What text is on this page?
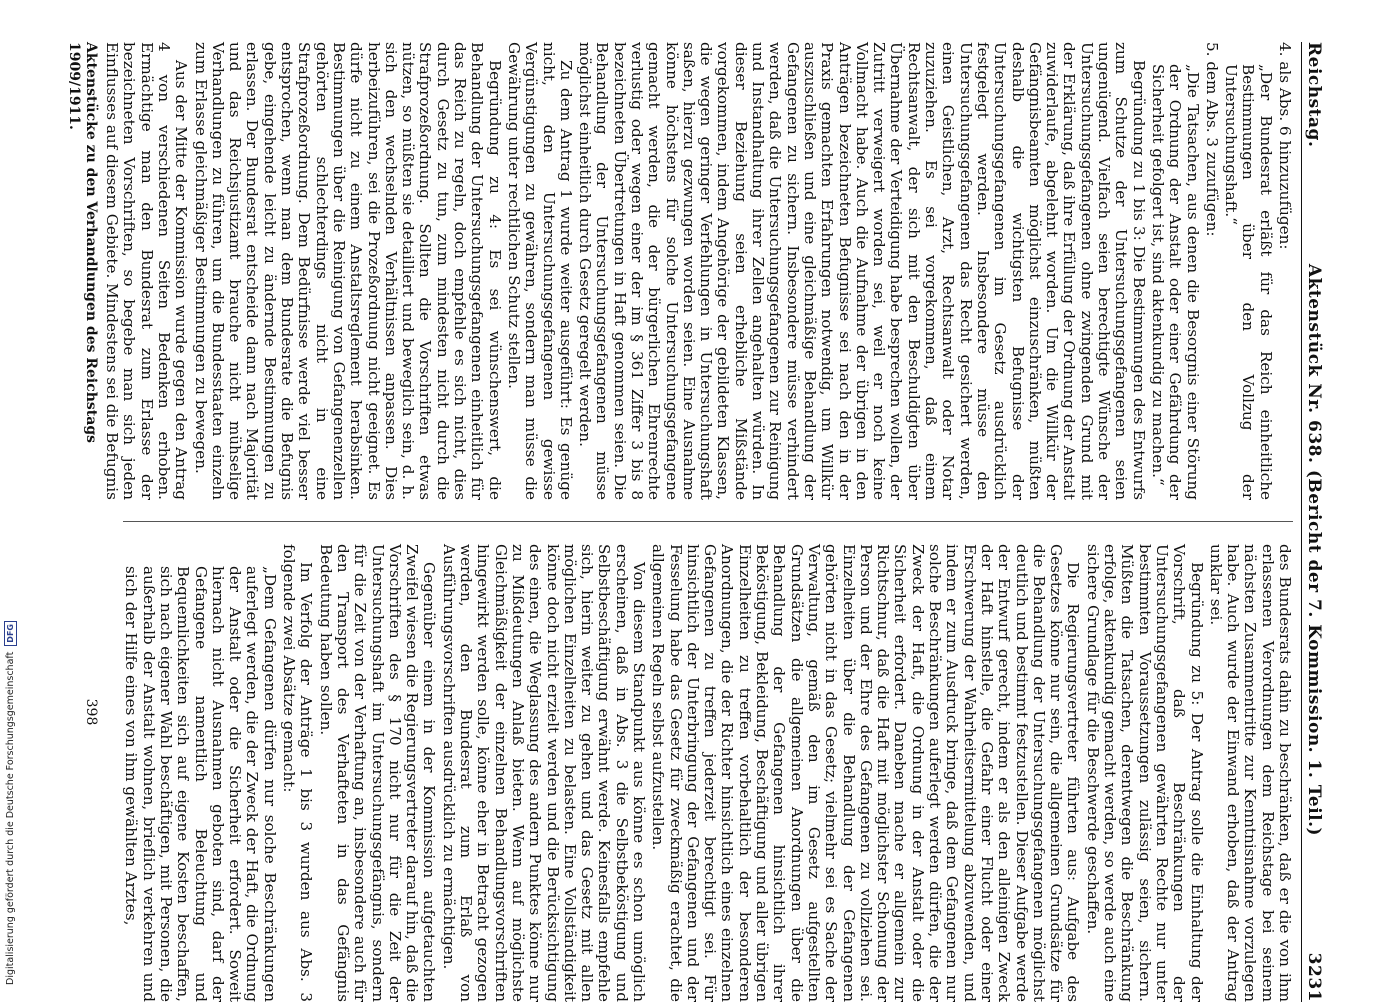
Digitalisierung gefördert durch die Deutsche Forschungsgemeinschaft
DFG
Reichstag.
Aktenstück Nr. 638. (Bericht der 7. Kommission. 1. Teil.)
3231

4. als Abs. 6 hinzuzufügen:

„Der Bundesrat erläßt für das Reich einheitliche Bestimmungen über den Vollzug der Untersuchungshaft.“

5. dem Abs. 3 zuzufügen:

„Die Tatsachen, aus denen die Besorgnis einer Störung der Ordnung der Anstalt oder einer Gefährdung der Sicherheit gefolgert ist, sind aktenkundig zu machen.“

Begründung zu 1 bis 3: Die Bestimmungen des Entwurfs zum Schutze der Untersuchungsgefangenen seien ungenügend. Vielfach seien berechtigte Wünsche der Untersuchungsgefangenen ohne zwingenden Grund mit der Erklärung, daß ihre Erfüllung der Ordnung der Anstalt zuwiderlaufe, abgelehnt worden. Um die Willkür der Gefängnisbeamten möglichst einzuschränken, müßten deshalb die wichtigsten Befugnisse der Untersuchungsgefangenen im Gesetz ausdrücklich festgelegt werden. Insbesondere müsse den Untersuchungsgefangenen das Recht gesichert werden, einen Geistlichen, Arzt, Rechtsanwalt oder Notar zuzuziehen. Es sei vorgekommen, daß einem Rechtsanwalt, der sich mit den Beschuldigten über Übernahme der Verteidigung habe besprechen wollen, der Zutritt verweigert worden sei, weil er noch keine Vollmacht habe. Auch die Aufnahme der übrigen in den Anträgen bezeichneten Befugnisse sei nach den in der Praxis gemachten Erfahrungen notwendig, um Willkür auszuschließen und eine gleichmäßige Behandlung der Gefangenen zu sichern. Insbesondere müsse verhindert werden, daß die Untersuchungsgefangenen zur Reinigung und Instandhaltung ihrer Zellen angehalten würden. In dieser Beziehung seien erhebliche Mißstände vorgekommen, indem Angehörige der gebildeten Klassen, die wegen geringer Verfehlungen in Untersuchungshaft saßen, hierzu gezwungen worden seien. Eine Ausnahme könne höchstens für solche Untersuchungsgefangene gemacht werden, die der bürgerlichen Ehrenrechte verlustig oder wegen einer der im § 361 Ziffer 3 bis 8 bezeichneten Übertretungen in Haft genommen seien. Die Behandlung der Untersuchungsgefangenen müsse möglichst einheitlich durch Gesetz geregelt werden.

Zu dem Antrag 1 wurde weiter ausgeführt: Es genüge nicht, den Untersuchungsgefangenen gewisse Vergünstigungen zu gewähren, sondern man müsse die Gewährung unter rechtlichen Schutz stellen.

Begründung zu 4: Es sei wünschenswert, die Behandlung der Untersuchungsgefangenen einheitlich für das Reich zu regeln, doch empfehle es sich nicht, dies durch Gesetz zu tun, zum mindesten nicht durch die Strafprozeßordnung. Sollten die Vorschriften etwas nützen, so müßten sie detailliert und beweglich sein, d. h. sich den wechselnden Verhältnissen anpassen. Dies herbeizuführen, sei die Prozeßordnung nicht geeignet. Es dürfe nicht zu einem Anstaltsreglement herabsinken. Bestimmungen über die Reinigung von Gefangenenzellen gehörten schlechterdings nicht in eine Strafprozeßordnung. Dem Bedürfnisse werde viel besser entsprochen, wenn man dem Bundesrate die Befugnis gebe, eingehende leicht zu ändernde Bestimmungen zu erlassen. Der Bundesrat entscheide dann nach Majorität und das Reichsjustizamt brauche nicht mühselige Verhandlungen zu führen, um die Bundesstaaten einzeln zum Erlasse gleichmäßiger Bestimmungen zu bewegen.

Aus der Mitte der Kommission wurde gegen den Antrag 4 von verschiedenen Seiten Bedenken erhoben. Ermächtige man den Bundesrat zum Erlasse der bezeichneten Vorschriften, so begebe man sich jeden Einflusses auf diesem Gebiete. Mindestens sei die Befugnis

des Bundesrats dahin zu beschränken, daß er die von ihm erlassenen Verordnungen dem Reichstage bei seinem nächsten Zusammentritte zur Kenntnisnahme vorzulegen habe. Auch wurde der Einwand erhoben, daß der Antrag unklar sei.

Begründung zu 5: Der Antrag solle die Einhaltung der Vorschrift, daß Beschränkungen der Untersuchungsgefangenen gewährten Rechte nur unter bestimmten Voraussetzungen zulässig seien, sichern. Müßten die Tatsachen, derentwegen die Beschränkung erfolge, aktenkundig gemacht werden, so werde auch eine sichere Grundlage für die Beschwerde geschaffen.

Die Regierungsvertreter führten aus: Aufgabe des Gesetzes könne nur sein, die allgemeinen Grundsätze für die Behandlung der Untersuchungsgefangenen möglichst deutlich und bestimmt festzustellen. Dieser Aufgabe werde der Entwurf gerecht, indem er als den alleinigen Zweck der Haft hinstelle, die Gefahr einer Flucht oder einer Erschwerung der Wahrheitsermittelung abzuwenden, und indem er zum Ausdruck bringe, daß dem Gefangenen nur solche Beschränkungen auferlegt werden dürfen, die der Zweck der Haft, die Ordnung in der Anstalt oder die Sicherheit erfordert. Daneben mache er allgemein zur Richtschnur, daß die Haft mit möglichster Schonung der Person und der Ehre des Gefangenen zu vollziehen sei. Einzelheiten über die Behandlung der Gefangenen gehörten nicht in das Gesetz; vielmehr sei es Sache der Verwaltung, gemäß den im Gesetz aufgestellten Grundsätzen die allgemeinen Anordnungen über die Behandlung der Gefangenen hinsichtlich ihrer Beköstigung, Bekleidung, Beschäftigung und aller übrigen Einzelheiten zu treffen vorbehaltlich der besonderen Anordnungen, die der Richter hinsichtlich eines einzelnen Gefangenen zu treffen jederzeit berechtigt sei. Für hinsichtlich der Unterbringung der Gefangenen und der Fesselung habe das Gesetz für zweckmäßig erachtet, die allgemeinen Regeln selbst aufzustellen.

Von diesem Standpunkt aus könne es schon umöglich erscheinen, daß in Abs. 3 die Selbstbeköstigung und Selbstbeschäftigung erwähnt werde. Keinesfalls empfehle sich, hierin weiter zu gehen und das Gesetz mit allen möglichen Einzelheiten zu belasten. Eine Vollständigkeit könne doch nicht erzielt werden und die Berücksichtigung des einen, die Weglassung des andern Punktes könne nur zu Mißdeutungen Anlaß bieten. Wenn auf möglichste Gleichmäßigkeit der einzelnen Behandlungsvorschriften hingewirkt werden solle, könne eher in Betracht gezogen werden, den Bundesrat zum Erlaß von Ausführungsvorschriften ausdrücklich zu ermächtigen.

Gegenüber einem in der Kommission aufgetauchten Zweifel wiesen die Regierungsvertreter darauf hin, daß die Vorschriften des § 170 nicht nur für die Zeit der Untersuchungshaft im Untersuchungsgefängnis, sondern für die Zeit von der Verhaftung an, insbesondere auch für den Transport des Verhafteten in das Gefängnis Bedeutung haben sollen.

Im Verfolg der Anträge 1 bis 3 wurden aus Abs. 3 folgende zwei Absätze gemacht:

„Dem Gefangenen dürfen nur solche Beschränkungen auferlegt werden, die der Zweck der Haft, die Ordnung der Anstalt oder die Sicherheit erfordert. Soweit hiernach nicht Ausnahmen geboten sind, darf der Gefangene namentlich Beleuchtung und Bequemlichkeiten sich auf eigene Kosten beschaffen, sich nach eigener Wahl beschäftigen, mit Personen, die außerhalb der Anstalt wohnen, brieflich verkehren und sich der Hilfe eines von ihm gewählten Arztes,

Aktenstücke zu den Verhandlungen des Reichstags 1909/1911.
398
